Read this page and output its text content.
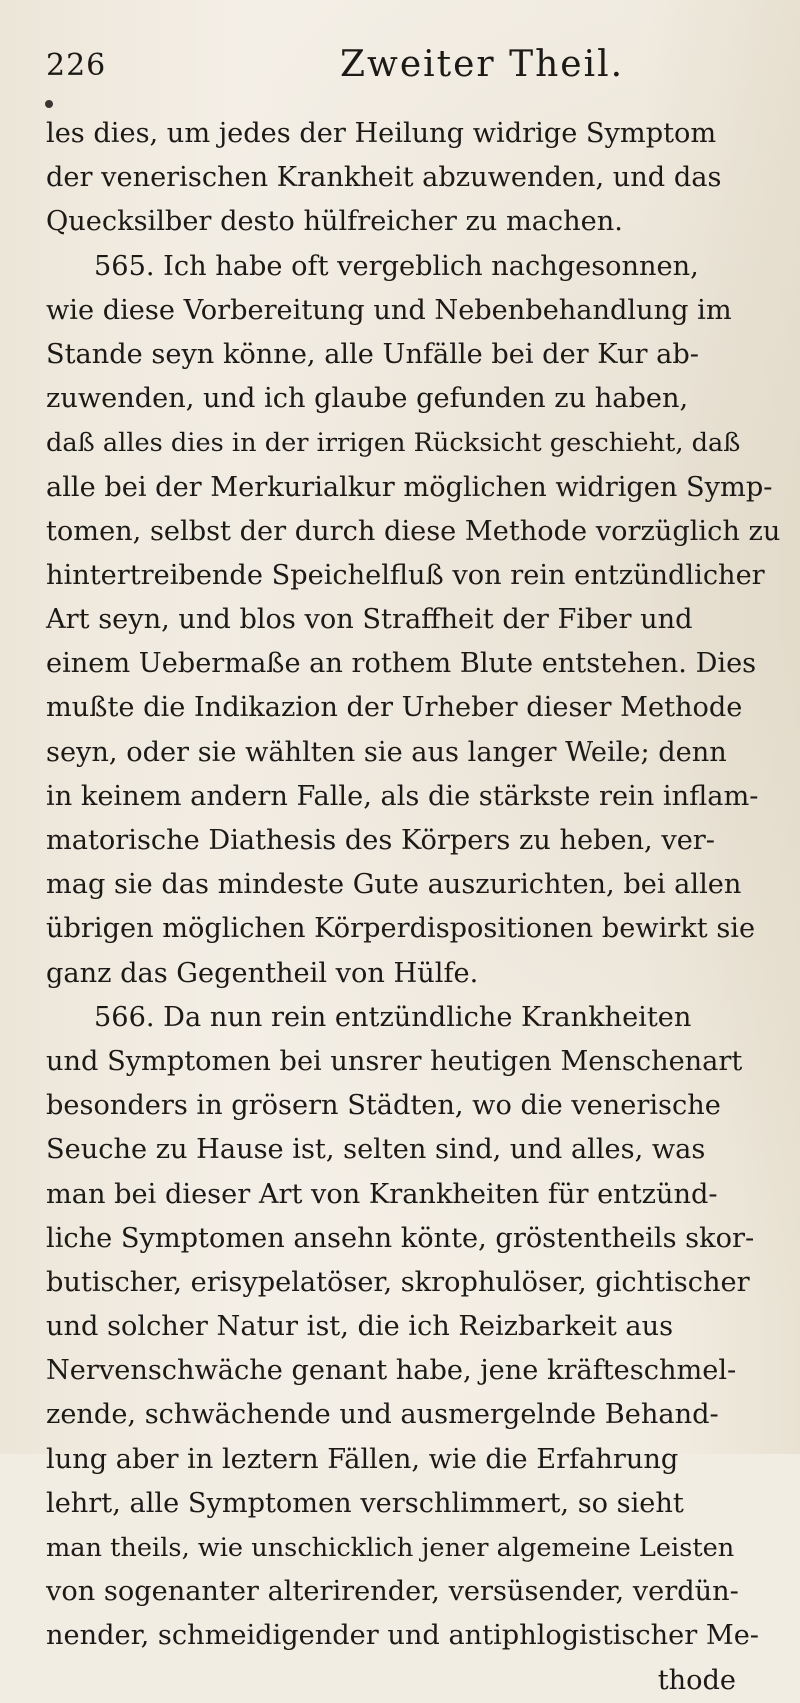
226	Zweiter Theil.
les dies, um jedes der Heilung widrige Symptom
der venerischen Krankheit abzuwenden, und das
Quecksilber desto hülfreicher zu machen.
565. Ich habe oft vergeblich nachgesonnen,
wie diese Vorbereitung und Nebenbehandlung im
Stande seyn könne, alle Unfälle bei der Kur ab-
zuwenden, und ich glaube gefunden zu haben,
daß alles dies in der irrigen Rücksicht geschieht, daß
alle bei der Merkurialkur möglichen widrigen Symp-
tomen, selbst der durch diese Methode vorzüglich zu
hintertreibende Speichelfluß von rein entzündlicher
Art seyn, und blos von Straffheit der Fiber und
einem Uebermaße an rothem Blute entstehen. Dies
mußte die Indikazion der Urheber dieser Methode
seyn, oder sie wählten sie aus langer Weile; denn
in keinem andern Falle, als die stärkste rein inflam-
matorische Diathesis des Körpers zu heben, ver-
mag sie das mindeste Gute auszurichten, bei allen
übrigen möglichen Körperdispositionen bewirkt sie
ganz das Gegentheil von Hülfe.
566. Da nun rein entzündliche Krankheiten
und Symptomen bei unsrer heutigen Menschenart
besonders in grösern Städten, wo die venerische
Seuche zu Hause ist, selten sind, und alles, was
man bei dieser Art von Krankheiten für entzünd-
liche Symptomen ansehn könte, gröstentheils skor-
butischer, erisypelatöser, skrophulöser, gichtischer
und solcher Natur ist, die ich Reizbarkeit aus
Nervenschwäche genant habe, jene kräfteschmel-
zende, schwächende und ausmergelnde Behand-
lung aber in leztern Fällen, wie die Erfahrung
lehrt, alle Symptomen verschlimmert, so sieht
man theils, wie unschicklich jener algemeine Leisten
von sogenanter alterirender, versüsender, verdün-
nender, schmeidigender und antiphlogistischer Me-
thode
